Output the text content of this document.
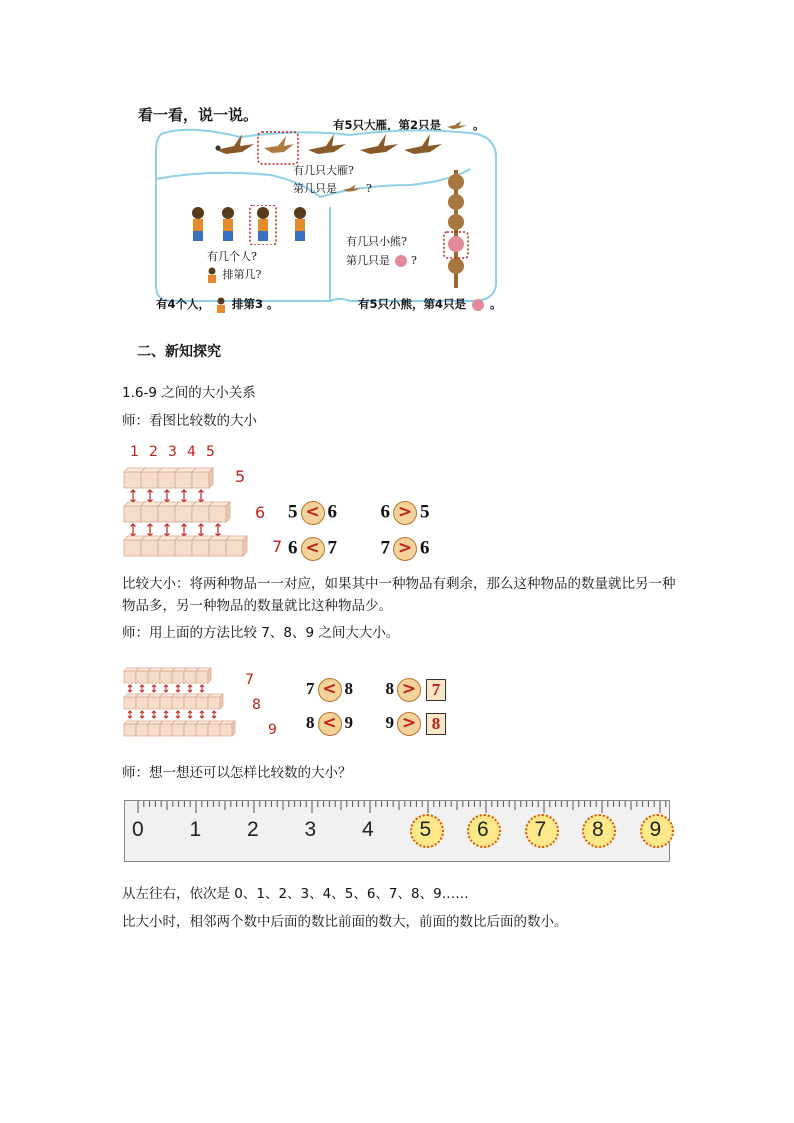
看一看，说一说。
有5只大雁，第2只是	。
有几只大雁?
第几只是	?
有几个人?
排第几?
有几只小熊?
第几只是 ?
有4个人， 排第3 。	有5只小熊，第4只是 。
二、新知探究
1.6-9 之间的大小关系
师：看图比较数的大小
1 2 3 4 5
5
6
7
5 < 6 6 > 5
6 < 7 7 > 6
比较大小：将两种物品一一对应，如果其中一种物品有剩余，那么这种物品的数量就比另一种物品多，另一种物品的数量就比这种物品少。
师：用上面的方法比较 7、8、9 之间大大小。
7
8
9
7 < 8 8 > 7
8 < 9 9 > 8
师：想一想还可以怎样比较数的大小？
0 1 2 3 4 5 6 7 8 9
从左往右，依次是 0、1、2、3、4、5、6、7、8、9……
比大小时，相邻两个数中后面的数比前面的数大，前面的数比后面的数小。
